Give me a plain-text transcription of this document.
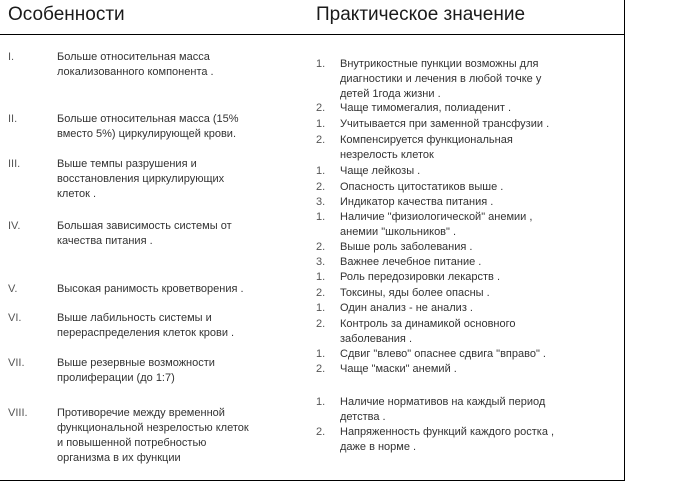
Особенности	Практическое значение
I.	Больше относительная масса
локализованного компонента .
II.	Больше относительная масса (15%
вместо 5%) циркулирующей крови.
III.	Выше темпы разрушения и
восстановления циркулирующих
клеток .
IV.	Большая зависимость системы от
качества питания .
V.	Высокая ранимость кроветворения .
VI.	Выше лабильность системы и
перераспределения клеток крови .
VII.	Выше резервные возможности
пролиферации (до 1:7)
VIII.	Противоречие между временной
функциональной незрелостью клеток
и повышенной потребностью
организма в их функции
1. Внутрикостные пункции возможны для
диагностики и лечения в любой точке у
детей 1года жизни .
2. Чаще тимомегалия, полиаденит .
1. Учитывается при заменной трансфузии .
2. Компенсируется функциональная
незрелость клеток
1. Чаще лейкозы .
2. Опасность цитостатиков выше .
3. Индикатор качества питания .
1. Наличие "физиологической" анемии ,
анемии "школьников" .
2. Выше роль заболевания .
3. Важнее лечебное питание .
1. Роль передозировки лекарств .
2. Токсины, яды более опасны .
1. Один анализ - не анализ .
2. Контроль за динамикой основного
заболевания .
1. Сдвиг "влево" опаснее сдвига "вправо" .
2. Чаще "маски" анемий .
1. Наличие нормативов на каждый период
детства .
2. Напряженность функций каждого ростка ,
даже в норме .
